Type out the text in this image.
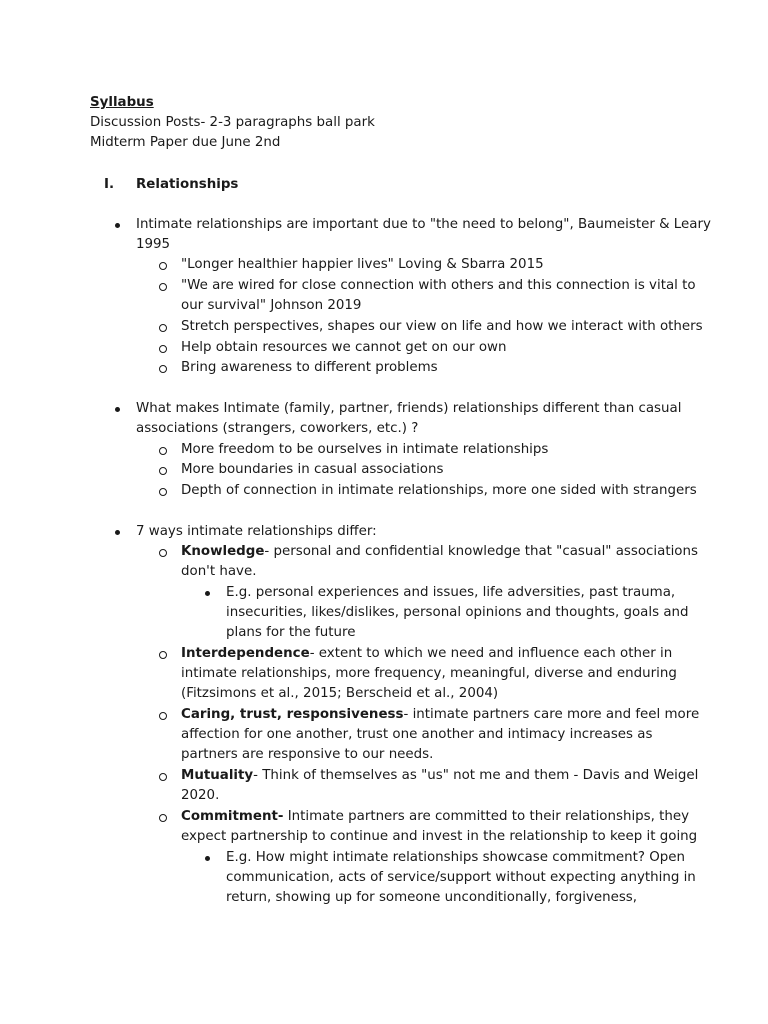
Syllabus
Discussion Posts- 2-3 paragraphs ball park
Midterm Paper due June 2nd
I. Relationships
Intimate relationships are important due to "the need to belong", Baumeister & Leary
1995
"Longer healthier happier lives" Loving & Sbarra 2015
"We are wired for close connection with others and this connection is vital to
our survival" Johnson 2019
Stretch perspectives, shapes our view on life and how we interact with others
Help obtain resources we cannot get on our own
Bring awareness to different problems
What makes Intimate (family, partner, friends) relationships different than casual
associations (strangers, coworkers, etc.) ?
More freedom to be ourselves in intimate relationships
More boundaries in casual associations
Depth of connection in intimate relationships, more one sided with strangers
7 ways intimate relationships differ:
Knowledge- personal and confidential knowledge that "casual" associations
don't have.
E.g. personal experiences and issues, life adversities, past trauma,
insecurities, likes/dislikes, personal opinions and thoughts, goals and
plans for the future
Interdependence- extent to which we need and influence each other in
intimate relationships, more frequency, meaningful, diverse and enduring
(Fitzsimons et al., 2015; Berscheid et al., 2004)
Caring, trust, responsiveness- intimate partners care more and feel more
affection for one another, trust one another and intimacy increases as
partners are responsive to our needs.
Mutuality- Think of themselves as "us" not me and them - Davis and Weigel
2020.
Commitment- Intimate partners are committed to their relationships, they
expect partnership to continue and invest in the relationship to keep it going
E.g. How might intimate relationships showcase commitment? Open
communication, acts of service/support without expecting anything in
return, showing up for someone unconditionally, forgiveness,
